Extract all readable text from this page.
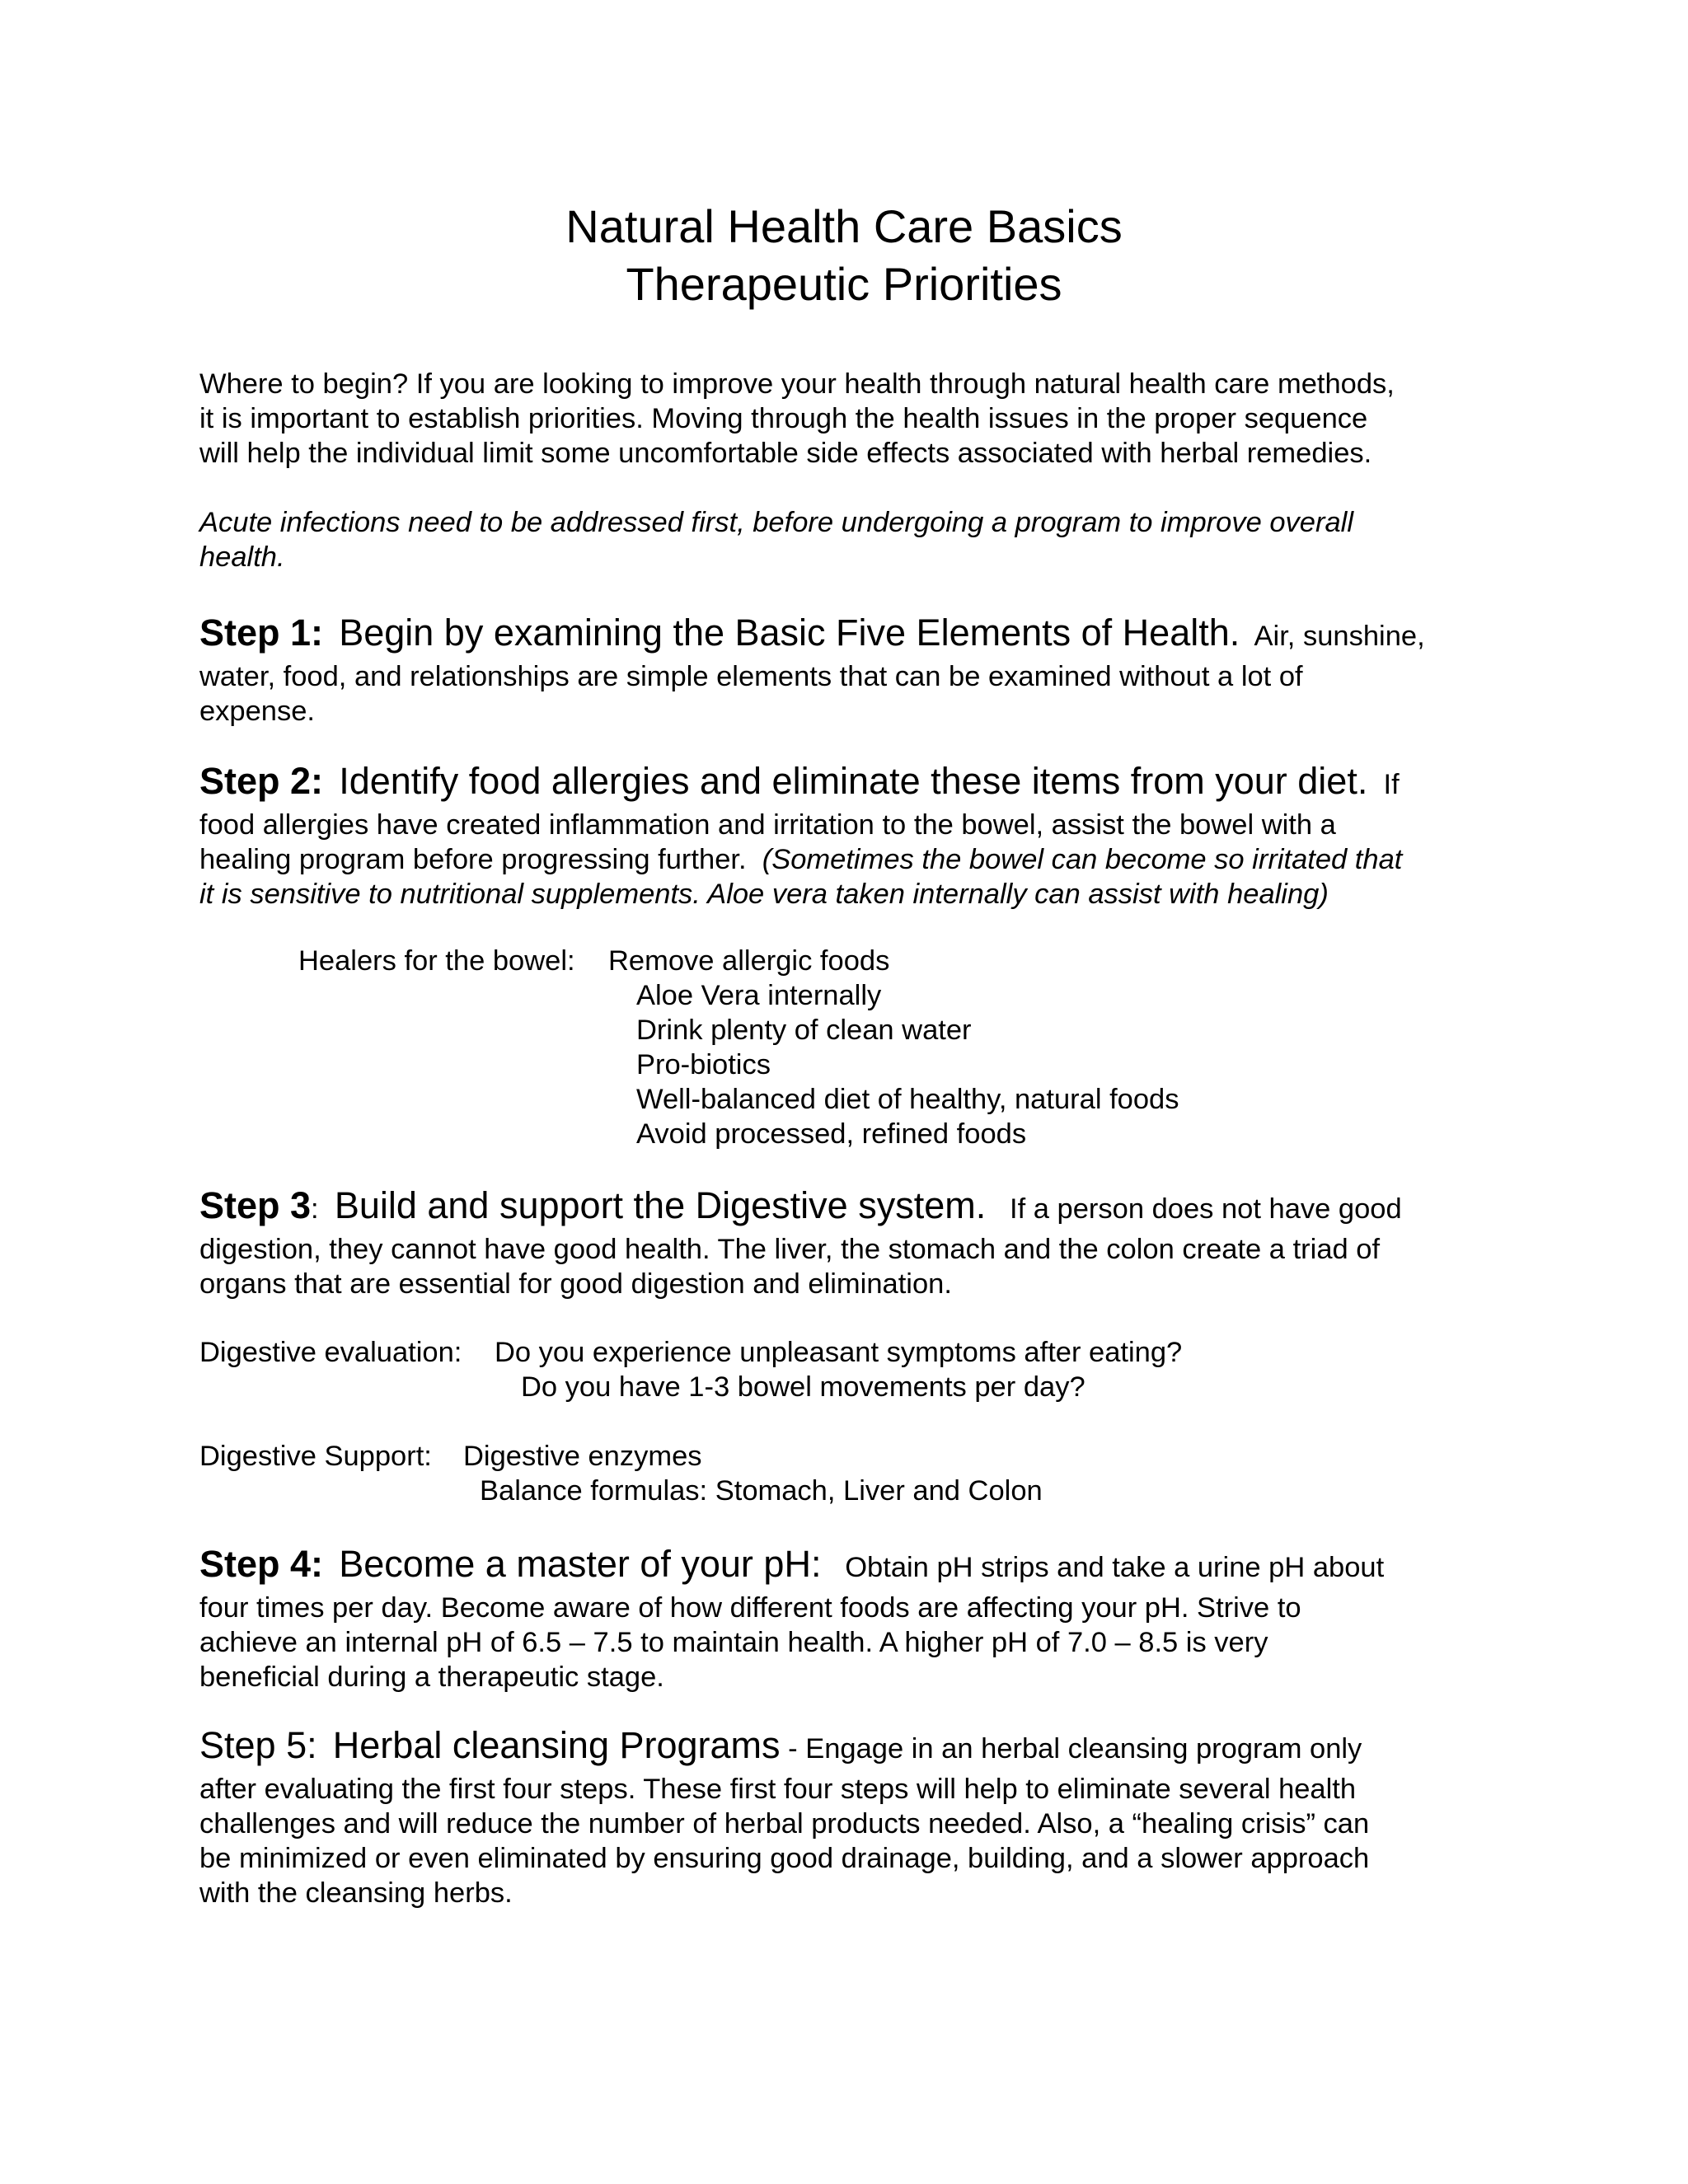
Natural Health Care Basics
Therapeutic Priorities
Where to begin? If you are looking to improve your health through natural health care methods,
it is important to establish priorities. Moving through the health issues in the proper sequence
will help the individual limit some uncomfortable side effects associated with herbal remedies.
Acute infections need to be addressed first, before undergoing a program to improve overall
health.
Step 1: Begin by examining the Basic Five Elements of Health. Air, sunshine,
water, food, and relationships are simple elements that can be examined without a lot of
expense.
Step 2: Identify food allergies and eliminate these items from your diet. If
food allergies have created inflammation and irritation to the bowel, assist the bowel with a
healing program before progressing further.  (Sometimes the bowel can become so irritated that
it is sensitive to nutritional supplements. Aloe vera taken internally can assist with healing)
Healers for the bowel: Remove allergic foods
Aloe Vera internally
Drink plenty of clean water
Pro-biotics
Well-balanced diet of healthy, natural foods
Avoid processed, refined foods
Step 3: Build and support the Digestive system. If a person does not have good
digestion, they cannot have good health. The liver, the stomach and the colon create a triad of
organs that are essential for good digestion and elimination.
Digestive evaluation: Do you experience unpleasant symptoms after eating?
Do you have 1-3 bowel movements per day?
Digestive Support: Digestive enzymes
Balance formulas: Stomach, Liver and Colon
Step 4: Become a master of your pH: Obtain pH strips and take a urine pH about
four times per day. Become aware of how different foods are affecting your pH. Strive to
achieve an internal pH of 6.5 – 7.5 to maintain health. A higher pH of 7.0 – 8.5 is very
beneficial during a therapeutic stage.
Step 5: Herbal cleansing Programs - Engage in an herbal cleansing program only
after evaluating the first four steps. These first four steps will help to eliminate several health
challenges and will reduce the number of herbal products needed. Also, a “healing crisis” can
be minimized or even eliminated by ensuring good drainage, building, and a slower approach
with the cleansing herbs.
